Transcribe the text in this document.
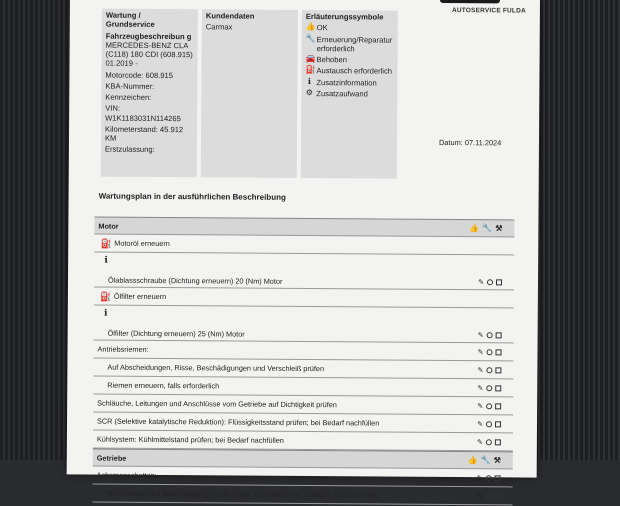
AUTOSERVICE FULDA
Wartung /
Grundservice
Fahrzeugbeschreibun g
MERCEDES-BENZ CLA (C118) 180 CDI (608.915) 01.2019 -
Motorcode: 608.915
KBA-Nummer:
Kennzeichen:
VIN:
W1K1183031N114265
Kilometerstand: 45.912 KM
Erstzulassung:
Kundendaten
Carmax
Erläuterungssymbole
👍 OK
🔧 Erneuerung/Reparatur erforderlich
🚘 Behoben
⛽ Austausch erforderlich
ℹ Zusatzinformation
⚙ Zusatzaufwand
Datum: 07.11.2024
Wartungsplan in der ausführlichen Beschreibung
Motor	👍 🔧 ⚒
⛽ Motoröl erneuern
ℹ
Ölablassschraube (Dichtung erneuern) 20 (Nm) Motor	✎
⛽ Ölfilter erneuern
ℹ
Ölfilter (Dichtung erneuern) 25 (Nm) Motor	✎
Antriebsriemen:	✎
Auf Abscheidungen, Risse, Beschädigungen und Verschleiß prüfen	✎
Riemen erneuern, falls erforderlich	✎
Schläuche, Leitungen und Anschlüsse vom Getriebe auf Dichtigkeit prüfen	✎
SCR (Selektive katalytische Reduktion): Flüssigkeitsstand prüfen; bei Bedarf nachfüllen	✎
Kühlsystem: Kühlmittelstand prüfen; bei Bedarf nachfüllen	✎
Getriebe	👍 🔧 ⚒
Achsmanschetten:	✎
Manschetten auf Beschädigungen, Dichtheit, Verschleiß und richtigen Einbau prüfen	✎
